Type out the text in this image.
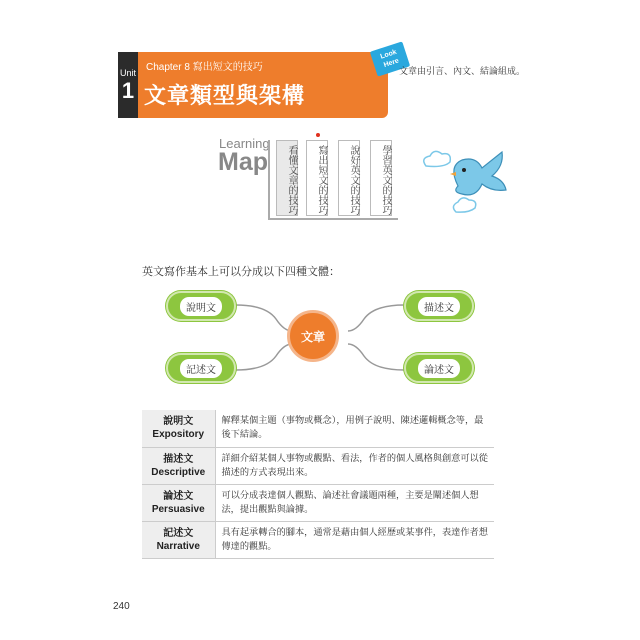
Unit
1
Chapter 8 寫出短文的技巧
文章類型與架構
Look
Here
文章由引言、內文、結論組成。
Learning
Map	看懂文章的技巧	寫出短文的技巧	說好英文的技巧	學習英文的技巧
英文寫作基本上可以分成以下四種文體：
說明文	描述文
記述文	論述文
文章
說明文
Expository	解釋某個主題（事物或概念），用例子說明、陳述邏輯概念等，最後下結論。
描述文
Descriptive	詳細介紹某個人事物或觀點、看法，作者的個人風格與創意可以從描述的方式表現出來。
論述文
Persuasive	可以分成表達個人觀點、論述社會議題兩種，主要是闡述個人想法，提出觀點與論據。
記述文
Narrative	具有起承轉合的腳本，通常是藉由個人經歷或某事件，表達作者想傳達的觀點。
240
